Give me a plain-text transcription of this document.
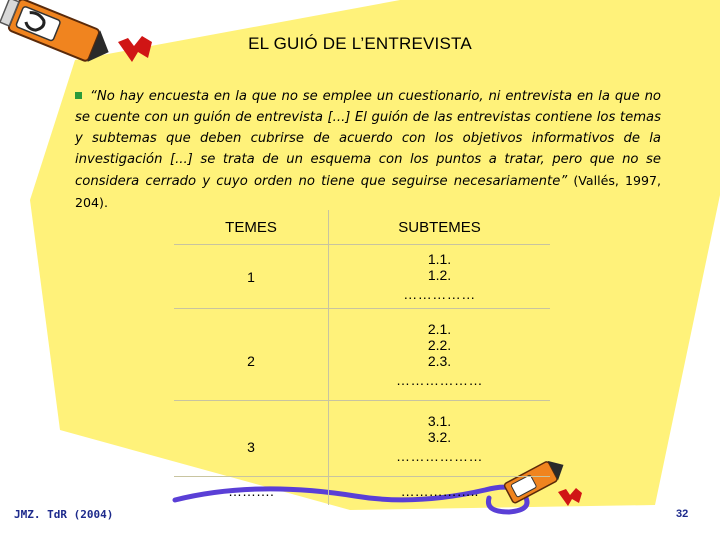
EL GUIÓ DE L’ENTREVISTA
“No hay encuesta en la que no se emplee un cuestionario, ni entrevista en la que no se cuente con un guión de entrevista [...] El guión de las entrevistas contiene los temas y subtemas que deben cubrirse de acuerdo con los objetivos informativos de la investigación [...] se trata de un esquema con los puntos a tratar, pero que no se considera cerrado y cuyo orden no tiene que seguirse necesariamente” (Vallés, 1997, 204).
TEMES	SUBTEMES
1	1.1.
1.2.
……………

2	2.1.
2.2.
2.3.
………………

3	3.1.
3.2.
………………

……….	……………..
JMZ. TdR (2004)	32
